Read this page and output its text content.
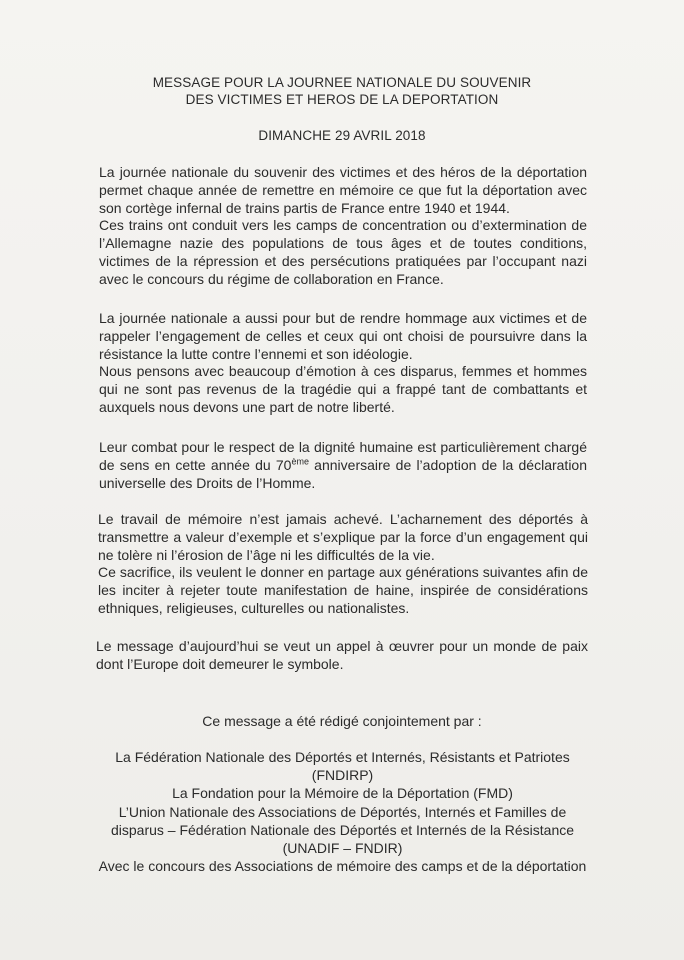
MESSAGE POUR LA JOURNEE NATIONALE DU SOUVENIR
DES VICTIMES ET HEROS DE LA DEPORTATION
DIMANCHE 29 AVRIL 2018

La journée nationale du souvenir des victimes et des héros de la déportation permet chaque année de remettre en mémoire ce que fut la déportation avec son cortège infernal de trains partis de France entre 1940 et 1944.

Ces trains ont conduit vers les camps de concentration ou d’extermination de l’Allemagne nazie des populations de tous âges et de toutes conditions, victimes de la répression et des persécutions pratiquées par l’occupant nazi avec le concours du régime de collaboration en France.

La journée nationale a aussi pour but de rendre hommage aux victimes et de rappeler l’engagement de celles et ceux qui ont choisi de poursuivre dans la résistance la lutte contre l’ennemi et son idéologie.

Nous pensons avec beaucoup d’émotion à ces disparus, femmes et hommes qui ne sont pas revenus de la tragédie qui a frappé tant de combattants et auxquels nous devons une part de notre liberté.

Leur combat pour le respect de la dignité humaine est particulièrement chargé de sens en cette année du 70ème anniversaire de l’adoption de la déclaration universelle des Droits de l’Homme.

Le travail de mémoire n’est jamais achevé. L’acharnement des déportés à transmettre a valeur d’exemple et s’explique par la force d’un engagement qui ne tolère ni l’érosion de l’âge ni les difficultés de la vie.

Ce sacrifice, ils veulent le donner en partage aux générations suivantes afin de les inciter à rejeter toute manifestation de haine, inspirée de considérations ethniques, religieuses, culturelles ou nationalistes.

Le message d’aujourd’hui se veut un appel à œuvrer pour un monde de paix dont l’Europe doit demeurer le symbole.

Ce message a été rédigé conjointement par :
La Fédération Nationale des Déportés et Internés, Résistants et Patriotes
(FNDIRP)
La Fondation pour la Mémoire de la Déportation (FMD)
L’Union Nationale des Associations de Déportés, Internés et Familles de
disparus – Fédération Nationale des Déportés et Internés de la Résistance
(UNADIF – FNDIR)
Avec le concours des Associations de mémoire des camps et de la déportation
